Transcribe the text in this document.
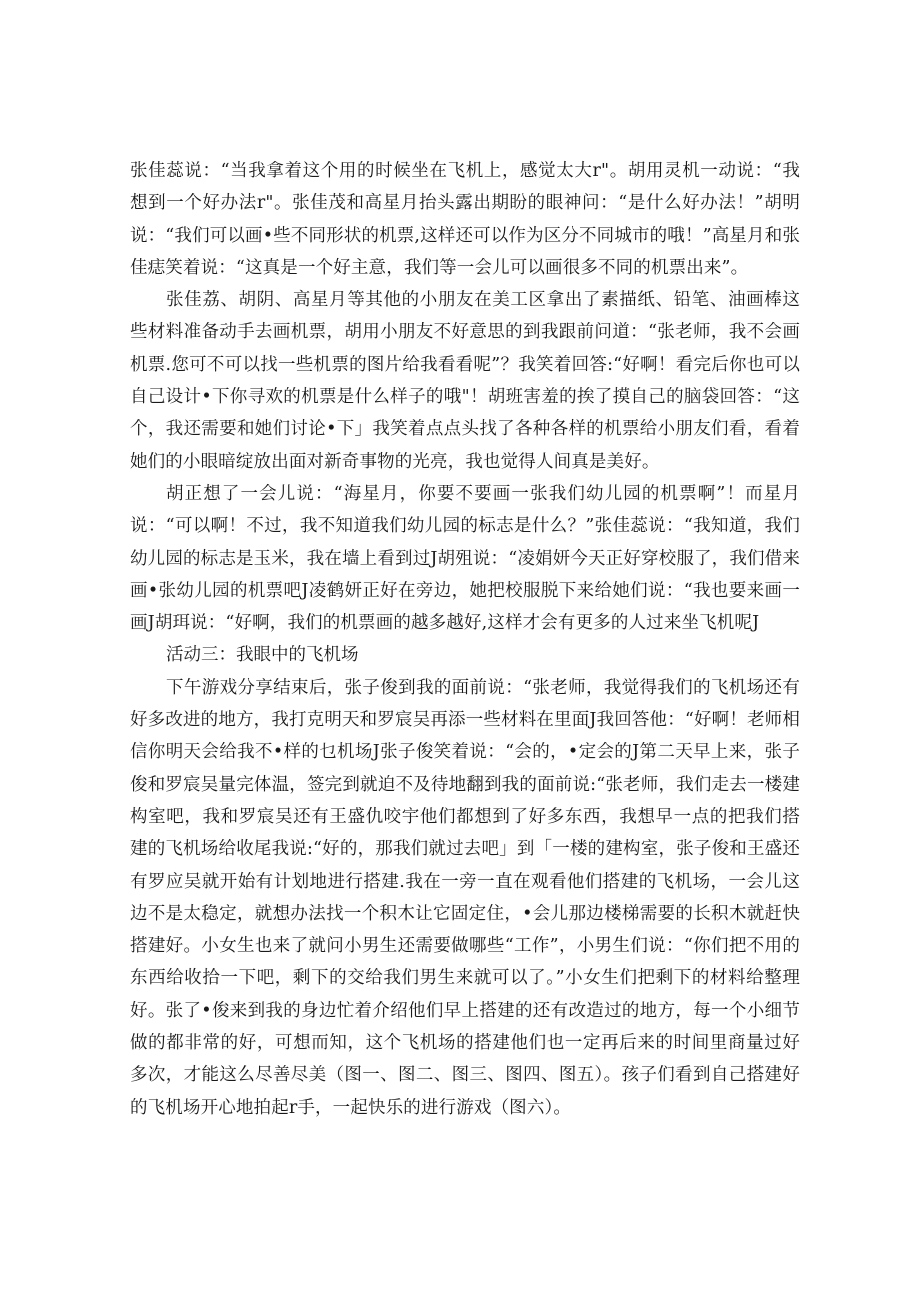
张佳蕊说：“当我拿着这个用的时候坐在飞机上，感觉太大r"。胡用灵机一动说：“我想到一个好办法r"。张佳茂和高星月抬头露出期盼的眼神问：“是什么好办法！”胡明说：“我们可以画•些不同形状的机票,这样还可以作为区分不同城市的哦！”高星月和张佳痣笑着说：“这真是一个好主意，我们等一会儿可以画很多不同的机票出来”。

张佳荔、胡阴、高星月等其他的小朋友在美工区拿出了素描纸、铅笔、油画棒这些材料准备动手去画机票，胡用小朋友不好意思的到我跟前问道：“张老师，我不会画机票.您可不可以找一些机票的图片给我看看呢”？我笑着回答:“好啊！看完后你也可以自己设计•下你寻欢的机票是什么样子的哦"！胡班害羞的挨了摸自己的脑袋回答：“这个，我还需要和她们讨论•下」我笑着点点头找了各种各样的机票给小朋友们看，看着她们的小眼暗绽放出面对新奇事物的光亮，我也觉得人间真是美好。

胡正想了一会儿说：“海星月，你要不要画一张我们幼儿园的机票啊”！而星月说：“可以啊！不过，我不知道我们幼儿园的标志是什么？”张佳蕊说：“我知道，我们幼儿园的标志是玉米，我在墙上看到过J胡殂说：“凌娟妍今天正好穿校服了，我们借来画•张幼儿园的机票吧J凌鹤妍正好在旁边，她把校服脱下来给她们说：“我也要来画一画J胡珥说：“好啊，我们的机票画的越多越好,这样才会有更多的人过来坐飞机呢J

活动三：我眼中的飞机场

下午游戏分享结束后，张子俊到我的面前说：“张老师，我觉得我们的飞机场还有好多改进的地方，我打克明天和罗宸吴再添一些材料在里面J我回答他：“好啊！老师相信你明天会给我不•样的乜机场J张子俊笑着说：“会的，•定会的J第二天早上来，张子俊和罗宸吴量完体温，签完到就迫不及待地翻到我的面前说:“张老师，我们走去一楼建构室吧，我和罗宸吴还有王盛仇咬宇他们都想到了好多东西，我想早一点的把我们搭建的飞机场给收尾我说:“好的，那我们就过去吧」到「一楼的建构室，张子俊和王盛还有罗应吴就开始有计划地进行搭建.我在一旁一直在观看他们搭建的飞机场，一会儿这边不是太稳定，就想办法找一个积木让它固定住，•会儿那边楼梯需要的长积木就赶快搭建好。小女生也来了就问小男生还需要做哪些“工作”，小男生们说：“你们把不用的东西给收拾一下吧，剩下的交给我们男生来就可以了。”小女生们把剩下的材料给整理好。张了•俊来到我的身边忙着介绍他们早上搭建的还有改造过的地方，每一个小细节做的都非常的好，可想而知，这个飞机场的搭建他们也一定再后来的时间里商量过好多次，才能这么尽善尽美（图一、图二、图三、图四、图五）。孩子们看到自己搭建好的飞机场开心地拍起r手，一起快乐的进行游戏（图六）。
